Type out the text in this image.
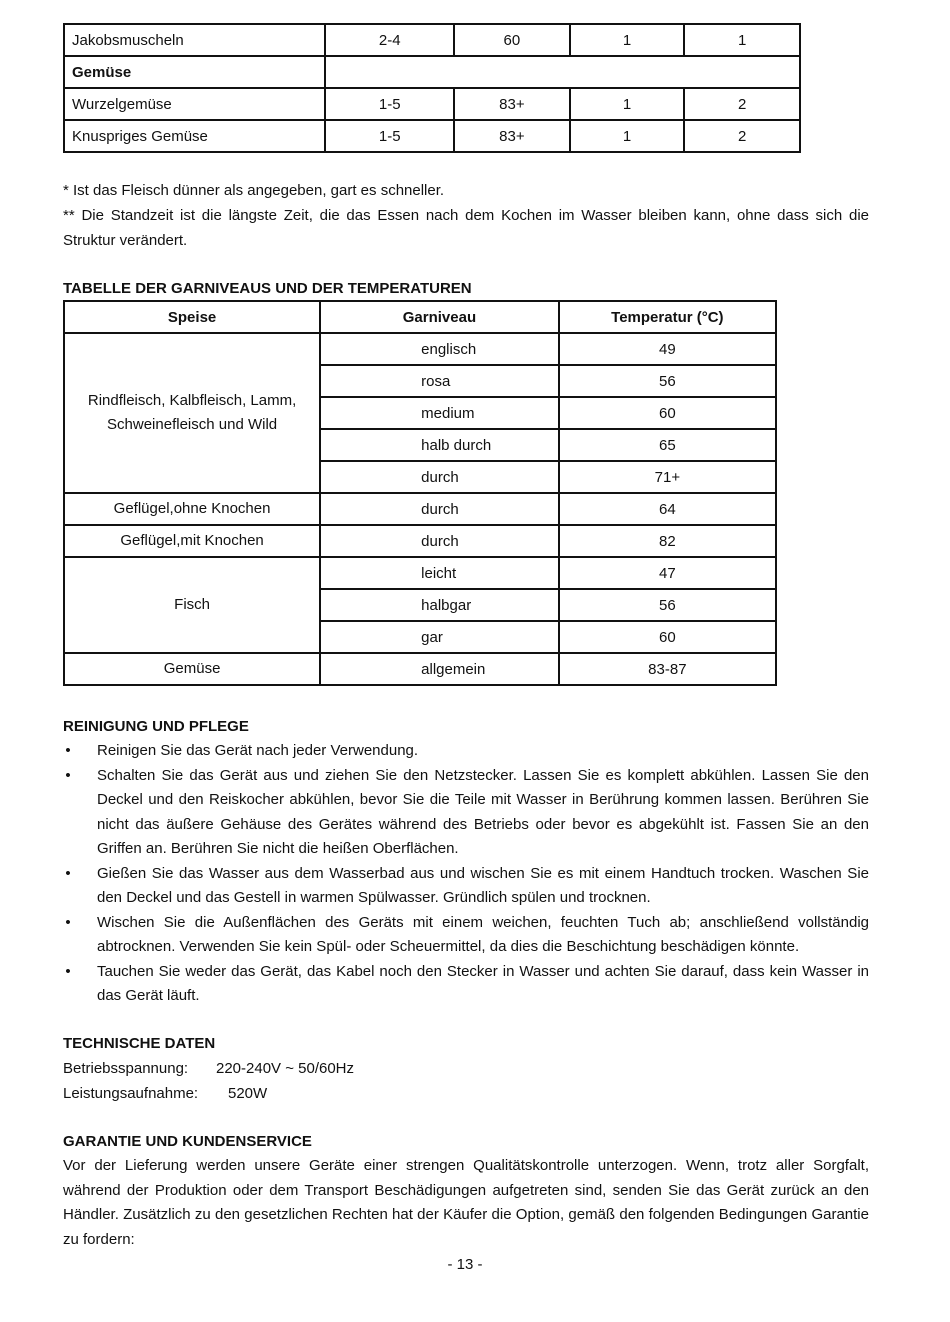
Jakobsmuscheln	2-4	60	1	1
Gemüse				
Wurzelgemüse	1-5	83+	1	2
Knuspriges Gemüse	1-5	83+	1	2
* Ist das Fleisch dünner als angegeben, gart es schneller.
** Die Standzeit ist die längste Zeit, die das Essen nach dem Kochen im Wasser bleiben kann, ohne dass sich die Struktur verändert.
TABELLE DER GARNIVEAUS UND DER TEMPERATUREN
Speise	Garniveau	Temperatur (°C)
Rindfleisch, Kalbfleisch, Lamm, Schweinefleisch und Wild	englisch	49
	rosa	56
	medium	60
	halb durch	65
	durch	71+
Geflügel,ohne Knochen	durch	64
Geflügel,mit Knochen	durch	82
Fisch	leicht	47
	halbgar	56
	gar	60
Gemüse	allgemein	83-87
REINIGUNG UND PFLEGE
• Reinigen Sie das Gerät nach jeder Verwendung.
• Schalten Sie das Gerät aus und ziehen Sie den Netzstecker. Lassen Sie es komplett abkühlen. Lassen Sie den Deckel und den Reiskocher abkühlen, bevor Sie die Teile mit Wasser in Berührung kommen lassen. Berühren Sie nicht das äußere Gehäuse des Gerätes während des Betriebs oder bevor es abgekühlt ist. Fassen Sie an den Griffen an. Berühren Sie nicht die heißen Oberflächen.
• Gießen Sie das Wasser aus dem Wasserbad aus und wischen Sie es mit einem Handtuch trocken. Waschen Sie den Deckel und das Gestell in warmen Spülwasser. Gründlich spülen und trocknen.
• Wischen Sie die Außenflächen des Geräts mit einem weichen, feuchten Tuch ab; anschließend vollständig abtrocknen. Verwenden Sie kein Spül- oder Scheuermittel, da dies die Beschichtung beschädigen könnte.
• Tauchen Sie weder das Gerät, das Kabel noch den Stecker in Wasser und achten Sie darauf, dass kein Wasser in das Gerät läuft.
TECHNISCHE DATEN
Betriebsspannung: 220-240V ~ 50/60Hz
Leistungsaufnahme: 520W
GARANTIE UND KUNDENSERVICE
Vor der Lieferung werden unsere Geräte einer strengen Qualitätskontrolle unterzogen. Wenn, trotz aller Sorgfalt, während der Produktion oder dem Transport Beschädigungen aufgetreten sind, senden Sie das Gerät zurück an den Händler. Zusätzlich zu den gesetzlichen Rechten hat der Käufer die Option, gemäß den folgenden Bedingungen Garantie zu fordern:
- 13 -
